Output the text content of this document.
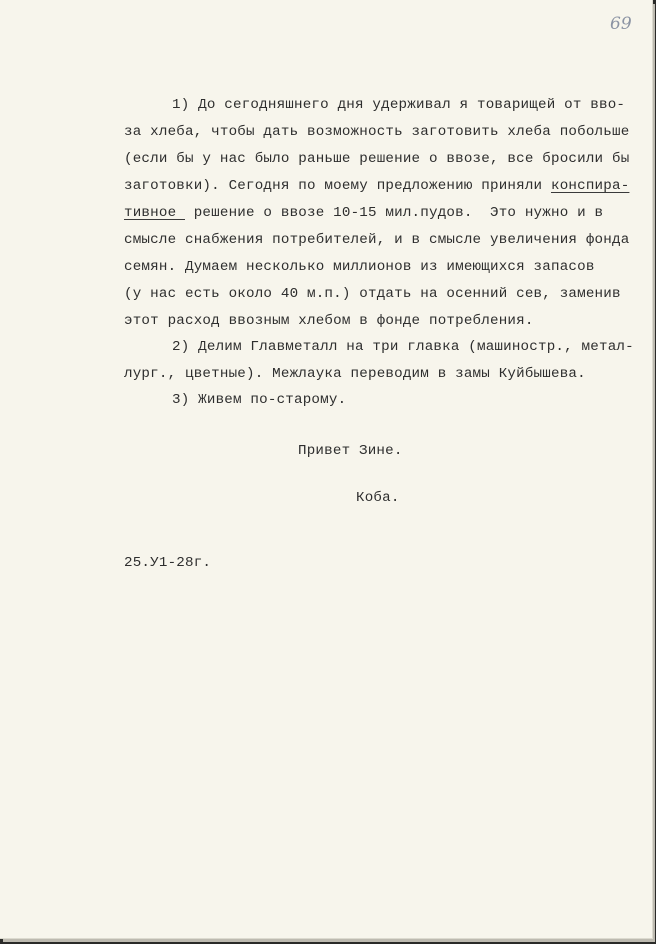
69
1) До сегодняшнего дня удерживал я товарищей от вво-
за хлеба, чтобы дать возможность заготовить хлеба побольше
(если бы у нас было раньше решение о ввозе, все бросили бы
заготовки). Сегодня по моему предложению приняли конспира-
тивное  решение о ввозе 10-15 мил.пудов.  Это нужно и в
смысле снабжения потребителей, и в смысле увеличения фонда
семян. Думаем несколько миллионов из имеющихся запасов
(у нас есть около 40 м.п.) отдать на осенний сев, заменив
этот расход ввозным хлебом в фонде потребления.
2) Делим Главметалл на три главка (машиностр., метал-
лург., цветные). Межлаука переводим в замы Куйбышева.
3) Живем по-старому.
Привет Зине.
Коба.
25.У1-28г.
